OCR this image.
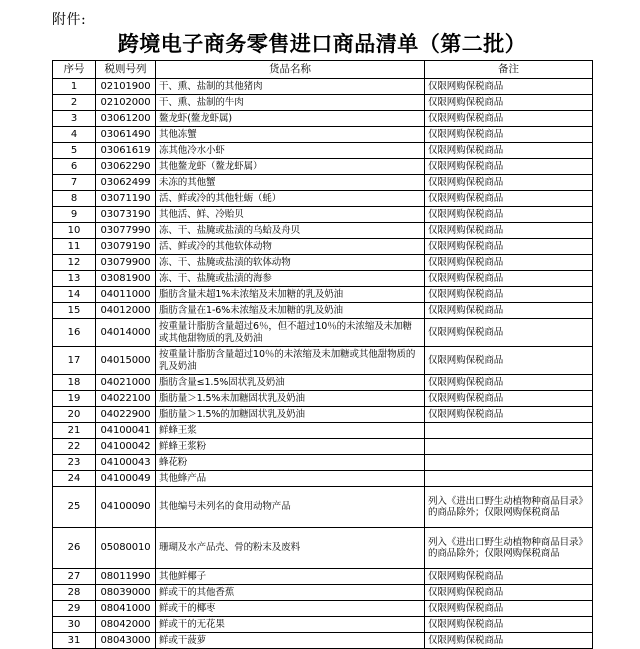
附件:
跨境电子商务零售进口商品清单（第二批）
序号	税则号列	货品名称	备注
1	02101900	干、熏、盐制的其他猪肉	仅限网购保税商品
2	02102000	干、熏、盐制的牛肉	仅限网购保税商品
3	03061200	鳌龙虾(鳌龙虾属)	仅限网购保税商品
4	03061490	其他冻蟹	仅限网购保税商品
5	03061619	冻其他冷水小虾	仅限网购保税商品
6	03062290	其他鳌龙虾（鳌龙虾属）	仅限网购保税商品
7	03062499	未冻的其他蟹	仅限网购保税商品
8	03071190	活、鲜或冷的其他牡蛎（蚝）	仅限网购保税商品
9	03073190	其他活、鲜、冷贻贝	仅限网购保税商品
10	03077990	冻、干、盐腌或盐渍的乌蛤及舟贝	仅限网购保税商品
11	03079190	活、鲜或冷的其他软体动物	仅限网购保税商品
12	03079900	冻、干、盐腌或盐渍的软体动物	仅限网购保税商品
13	03081900	冻、干、盐腌或盐渍的海参	仅限网购保税商品
14	04011000	脂肪含量未超1%未浓缩及未加糖的乳及奶油	仅限网购保税商品
15	04012000	脂肪含量在1-6%未浓缩及未加糖的乳及奶油	仅限网购保税商品
16	04014000	按重量计脂肪含量超过6％，但不超过10％的未浓缩及未加糖或其他甜物质的乳及奶油	仅限网购保税商品
17	04015000	按重量计脂肪含量超过10％的未浓缩及未加糖或其他甜物质的乳及奶油	仅限网购保税商品
18	04021000	脂肪含量≤1.5%固状乳及奶油	仅限网购保税商品
19	04022100	脂肪量＞1.5%未加糖固状乳及奶油	仅限网购保税商品
20	04022900	脂肪量＞1.5%的加糖固状乳及奶油	仅限网购保税商品
21	04100041	鲜蜂王浆	
22	04100042	鲜蜂王浆粉	
23	04100043	蜂花粉	
24	04100049	其他蜂产品	
25	04100090	其他编号未列名的食用动物产品	列入《进出口野生动植物种商品目录》的商品除外；仅限网购保税商品
26	05080010	珊瑚及水产品壳、骨的粉末及废料	列入《进出口野生动植物种商品目录》的商品除外；仅限网购保税商品
27	08011990	其他鲜椰子	仅限网购保税商品
28	08039000	鲜或干的其他香蕉	仅限网购保税商品
29	08041000	鲜或干的椰枣	仅限网购保税商品
30	08042000	鲜或干的无花果	仅限网购保税商品
31	08043000	鲜或干菠萝	仅限网购保税商品
